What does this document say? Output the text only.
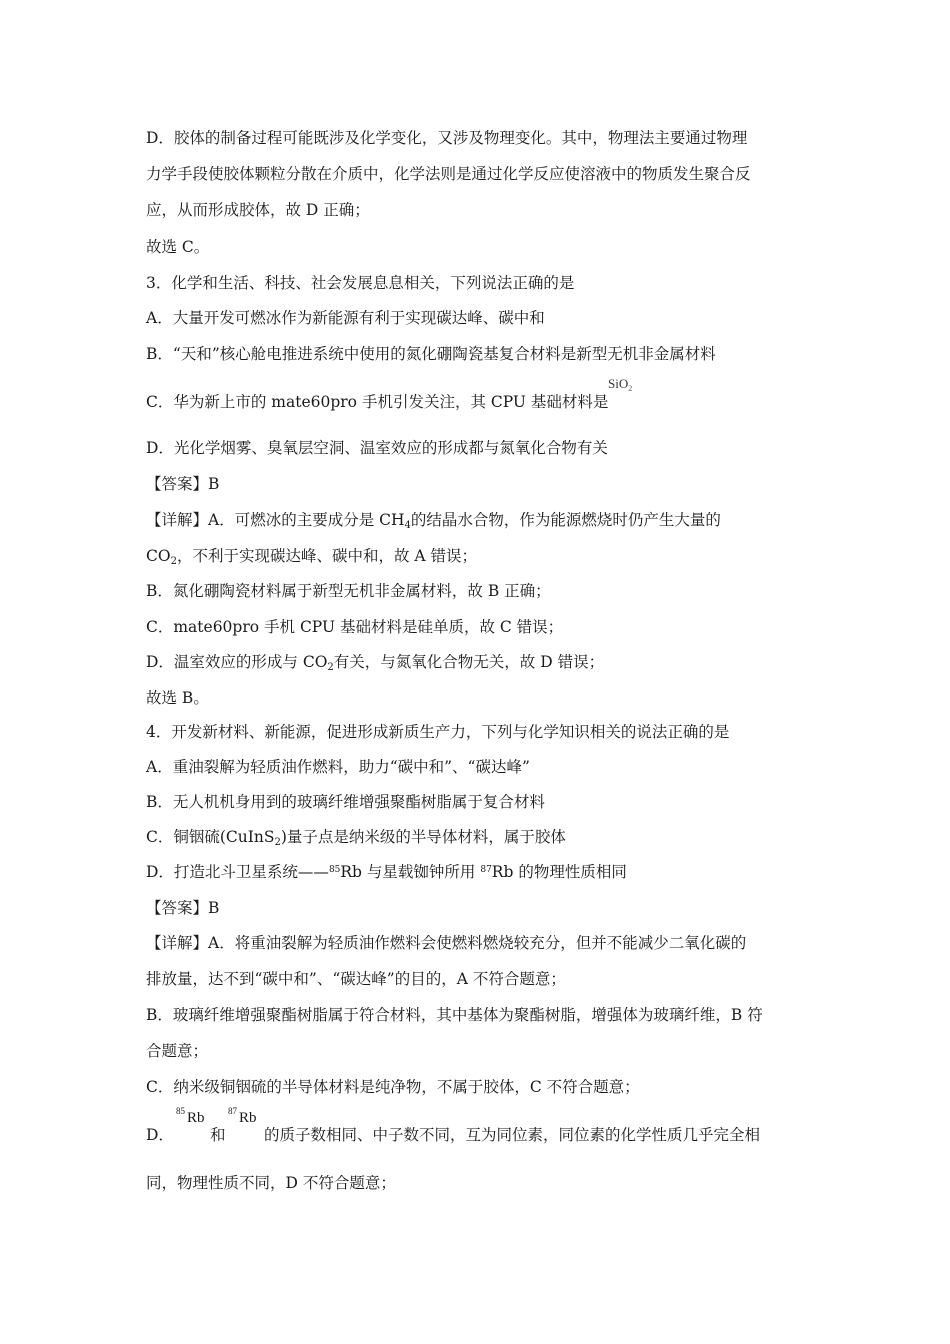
D．胶体的制备过程可能既涉及化学变化，又涉及物理变化。其中，物理法主要通过物理
力学手段使胶体颗粒分散在介质中，化学法则是通过化学反应使溶液中的物质发生聚合反
应，从而形成胶体，故 D 正确；
故选 C。
3．化学和生活、科技、社会发展息息相关，下列说法正确的是
A．大量开发可燃冰作为新能源有利于实现碳达峰、碳中和
B．“天和”核心舱电推进系统中使用的氮化硼陶瓷基复合材料是新型无机非金属材料
C．华为新上市的 mate60pro 手机引发关注，其 CPU 基础材料是
SiO$_2$
D．光化学烟雾、臭氧层空洞、温室效应的形成都与氮氧化合物有关
【答案】B
【详解】A．可燃冰的主要成分是 $CH_4$的结晶水合物，作为能源燃烧时仍产生大量的
$CO_2$，不利于实现碳达峰、碳中和，故 A 错误；
B．氮化硼陶瓷材料属于新型无机非金属材料，故 B 正确；
C．mate60pro 手机 CPU 基础材料是硅单质，故 C 错误；
D．温室效应的形成与 $CO_2$有关，与氮氧化合物无关，故 D 错误；
故选 B。
4．开发新材料、新能源，促进形成新质生产力，下列与化学知识相关的说法正确的是
A．重油裂解为轻质油作燃料，助力“碳中和”、“碳达峰”
B．无人机机身用到的玻璃纤维增强聚酯树脂属于复合材料
C．铜铟硫(CuInS$_2$)量子点是纳米级的半导体材料，属于胶体
D．打造北斗卫星系统——$^{85}$Rb 与星载铷钟所用 $^{87}$Rb 的物理性质相同
【答案】B
【详解】A．将重油裂解为轻质油作燃料会使燃料燃烧较充分，但并不能减少二氧化碳的
排放量，达不到“碳中和”、“碳达峰”的目的，A 不符合题意；
B．玻璃纤维增强聚酯树脂属于符合材料，其中基体为聚酯树脂，增强体为玻璃纤维，B 符
合题意；
C．纳米级铜铟硫的半导体材料是纯净物，不属于胶体，C 不符合题意；
D．
$^{85}$ Rb
和
$^{87}$ Rb
的质子数相同、中子数不同，互为同位素，同位素的化学性质几乎完全相
同，物理性质不同，D 不符合题意；
